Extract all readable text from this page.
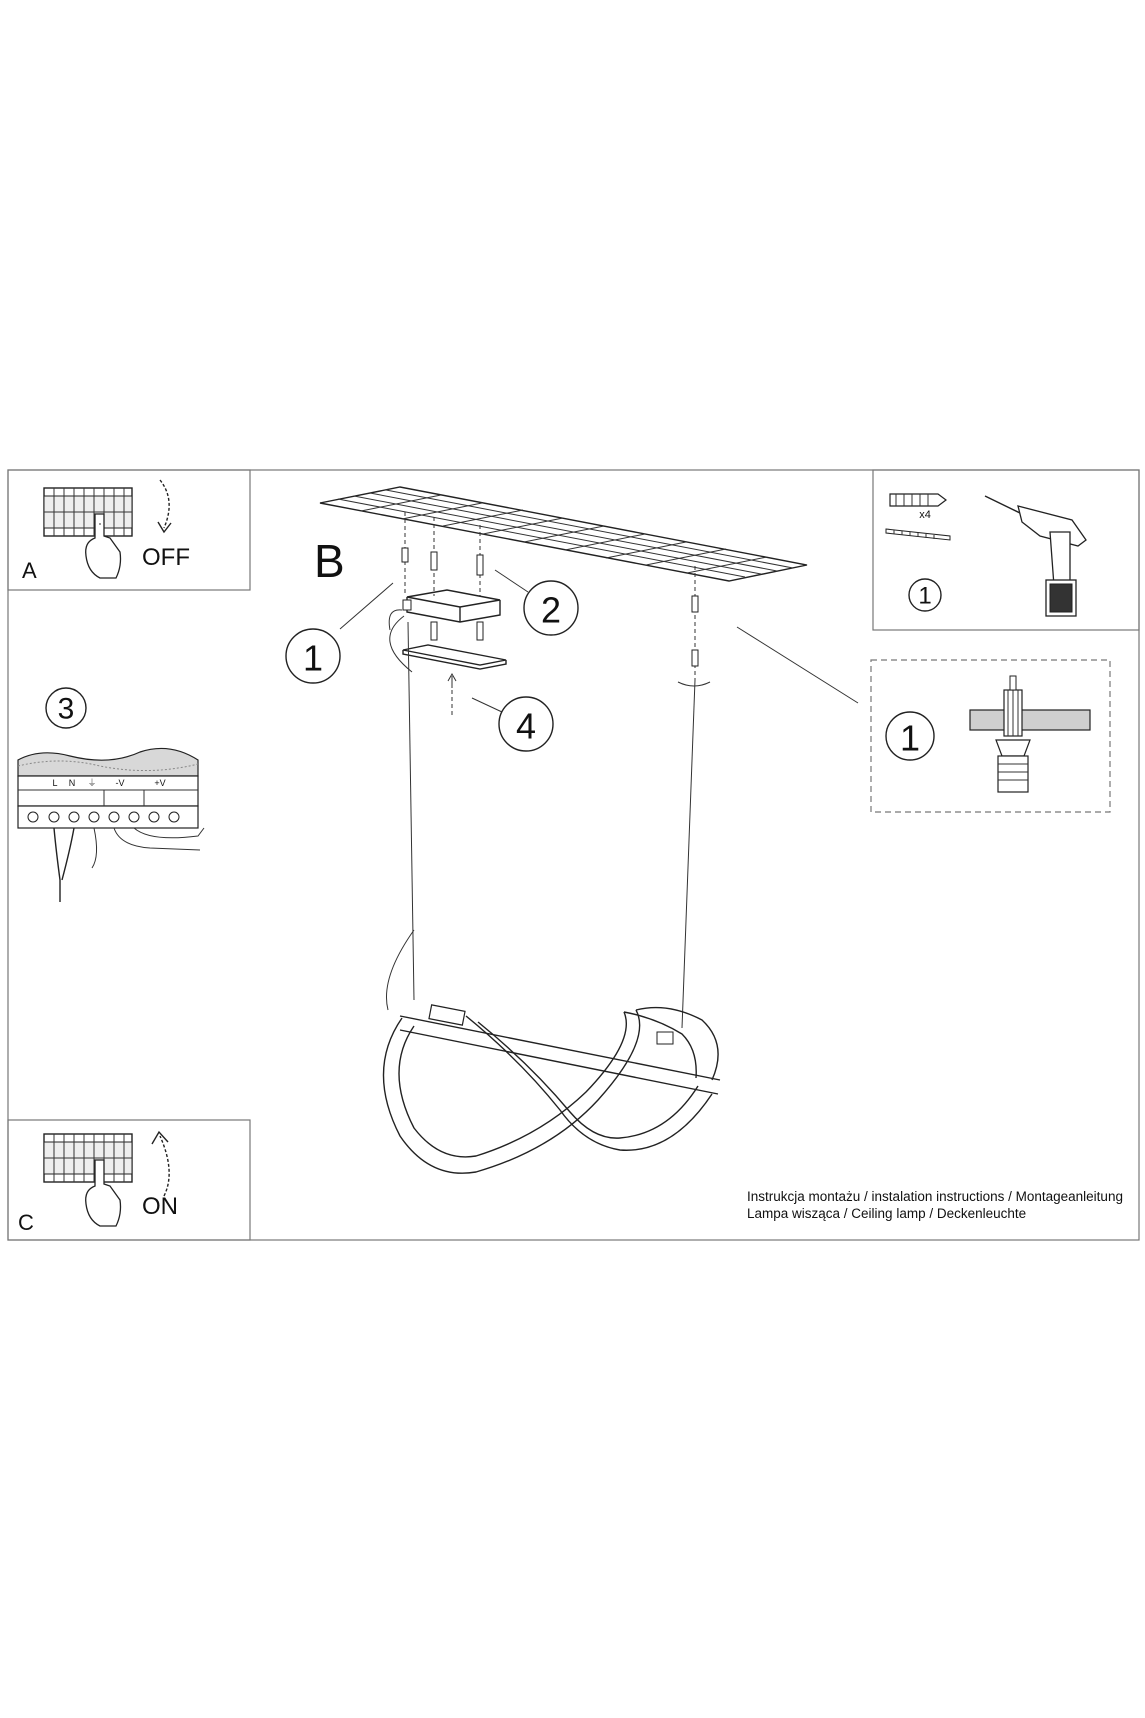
A	OFF
C
ON
3
L N ⏚ -V	+V
B
1
2
4
x4
1
1
Instrukcja montażu / instalation instructions / Montageanleitung
Lampa wisząca / Ceiling lamp / Deckenleuchte
